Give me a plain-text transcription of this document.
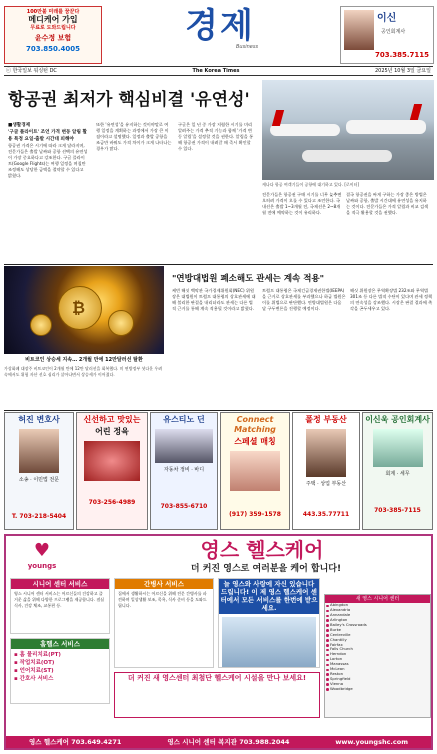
100만불 미래를 꿈꾼다
메디케어 가입
무료로 도와드립니다
윤수정 보험
703.850.4005
경제
Business
이신
공인회계사
703.385.7115
ⓒ 한국일보 워싱턴 DC	The Korea Times	2025년 10월 3일 금요일
항공권 최저가 핵심비결 '유연성'
■생활경제
'구글 플라이트' 조언 가격 변동 알림 활용 특정 요일·출발 시간대 피해야
항공권 가격은 시기에 따라 크게 달라지며, 전문가들은 출발 날짜와 공항 선택의 유연성이 가장 중요하다고 강조한다. 구글 플라이트(Google Flights)는 여행 일정을 며칠만 조정해도 상당한 금액을 절약할 수 있다고 밝혔다.
또한 '유연성'을 유지하는 것이야말로 여행 일정을 계획하는 과정에서 가장 큰 이점이라고 설명했다. 일정과 출발 공항을 조금만 바꿔도 가격 차이가 크게 나타나는 경우가 많다.
구글은 일 년 중 가장 저렴한 시기를 미리 알려주는 가격 추적 기능과 함께 '가격 변동 알림'을 설정할 것을 권한다. 알림을 통해 항공권 가격이 내려갈 때 즉시 확인할 수 있다.
캐나다 항공 여객기들이 공항에 대기하고 있다. [로이터]
전문가들은 항공권 구매 시기를 너무 늦추면 오히려 가격이 오를 수 있다고 조언한다. 국내선은 출발 1~3개월 전, 국제선은 2~8개월 전에 예약하는 것이 유리하다.
결국 항공권을 싸게 구하는 가장 좋은 방법은 날짜와 공항, 출발 시간대에 유연성을 유지하는 것이다. 전문가들은 가격 알림과 비교 검색을 적극 활용할 것을 권했다.
₿
비트코인 상승세 지속… 2개월 만에 12만달러선 탈환
가상화폐 대장주 비트코인이 2개월 만에 12만 달러선을 회복했다. 미 연방정부 셧다운 우려 속에서도 위험 자산 선호 심리가 살아나면서 상승세가 이어졌다.
"연방대법원 폐소해도 관세는 계속 적용"
케빈 해싯 백악관 국가경제위원회(NEC) 위원장은 대법원이 트럼프 대통령의 상호관세에 대해 불리한 판결을 내리더라도 관세는 다른 법적 근거를 통해 계속 적용될 것이라고 밝혔다.
트럼프 대통령은 국제긴급경제권한법(IEEPA)을 근거로 상호관세를 부과했으나 하급 법원은 이를 위법으로 판단했다. 연방대법원은 다음 달 구두변론을 진행할 예정이다.
해싯 위원장은 무역확장법 232조와 무역법 301조 등 다른 법적 수단이 있다며 관세 정책의 연속성을 강조했다. 시장은 판결 결과에 촉각을 곤두세우고 있다.
허진 변호사
소송 · 이민법 전문
T. 703-218-5404
신선하고 맛있는
어린 정육
703-256-4989
유스티노 딘
자동차 정비 · 바디
703-855-6710
Connect Matching
스페셜 매칭
(917) 359-1578
폴정 부동산
주택 · 상업 부동산
443.35.77711
이신욱 공인회계사
회계 · 세무
703-385-7115
♥
youngs
영스 헬스케어
더 커진 영스로 여러분을 케어 합니다!
시니어 센터 서비스
영스 시니어 센터 서비스는 어르신들의 건강하고 즐거운 삶을 위해 다양한 프로그램을 제공합니다. 점심 식사, 건강 체조, 교통편 등.
간병사 서비스
집에서 생활하시는 어르신을 위해 전문 간병사를 파견하며 일상생활 보조, 목욕, 식사 준비 등을 도와드립니다.
홈헬스 서비스
▪ 홈 물리치료(PT)
▪ 작업치료(OT)
▪ 언어치료(ST)
▪ 간호사 서비스
늘 영스와 사랑에 자신 있습니다 드립니다! 이 제 영스 헬스케어 센터에서 모든 서비스를 한번에 받으세요.
더 커진 새 영스센터 최첨단 헬스케어 시설을 만나 보세요!
새 영스 시니어 센터
Abingdon
Alexandria
Annandale
Arlington
Bailey's Crossroads
Burke
Centreville
Chantilly
Fairfax
Falls Church
Herndon
Lorton
Manassas
McLean
Reston
Springfield
Vienna
Woodbridge
영스 헬스케어 703.649.4271	영스 시니어 센터 복지관 703.988.2044	www.youngshc.com
